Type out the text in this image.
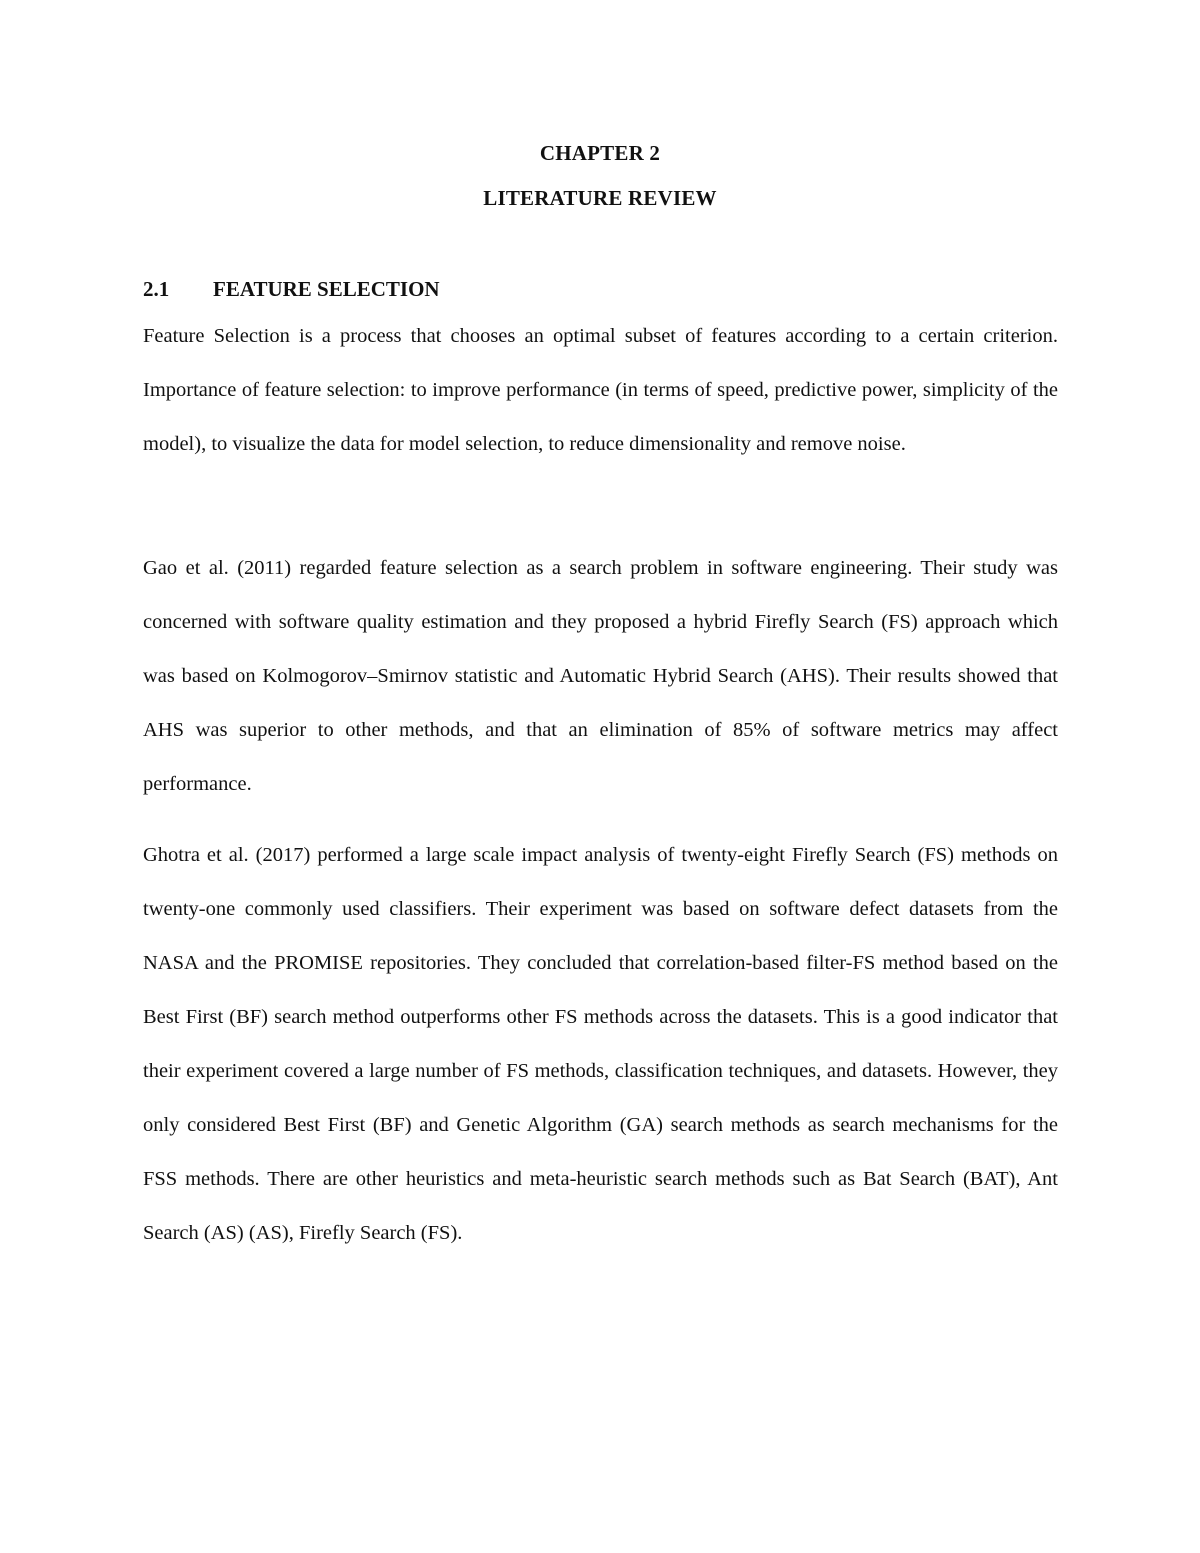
CHAPTER 2
LITERATURE REVIEW
2.1 FEATURE SELECTION

Feature Selection is a process that chooses an optimal subset of features according to a certain criterion. Importance of feature selection: to improve performance (in terms of speed, predictive power, simplicity of the model), to visualize the data for model selection, to reduce dimensionality and remove noise.

Gao et al. (2011) regarded feature selection as a search problem in software engineering. Their study was concerned with software quality estimation and they proposed a hybrid Firefly Search (FS) approach which was based on Kolmogorov–Smirnov statistic and Automatic Hybrid Search (AHS). Their results showed that AHS was superior to other methods, and that an elimination of 85% of software metrics may affect performance.

Ghotra et al. (2017) performed a large scale impact analysis of twenty-eight Firefly Search (FS) methods on twenty-one commonly used classifiers. Their experiment was based on software defect datasets from the NASA and the PROMISE repositories. They concluded that correlation-based filter-FS method based on the Best First (BF) search method outperforms other FS methods across the datasets. This is a good indicator that their experiment covered a large number of FS methods, classification techniques, and datasets. However, they only considered Best First (BF) and Genetic Algorithm (GA) search methods as search mechanisms for the FSS methods. There are other heuristics and meta-heuristic search methods such as Bat Search (BAT), Ant Search (AS) (AS), Firefly Search (FS).
